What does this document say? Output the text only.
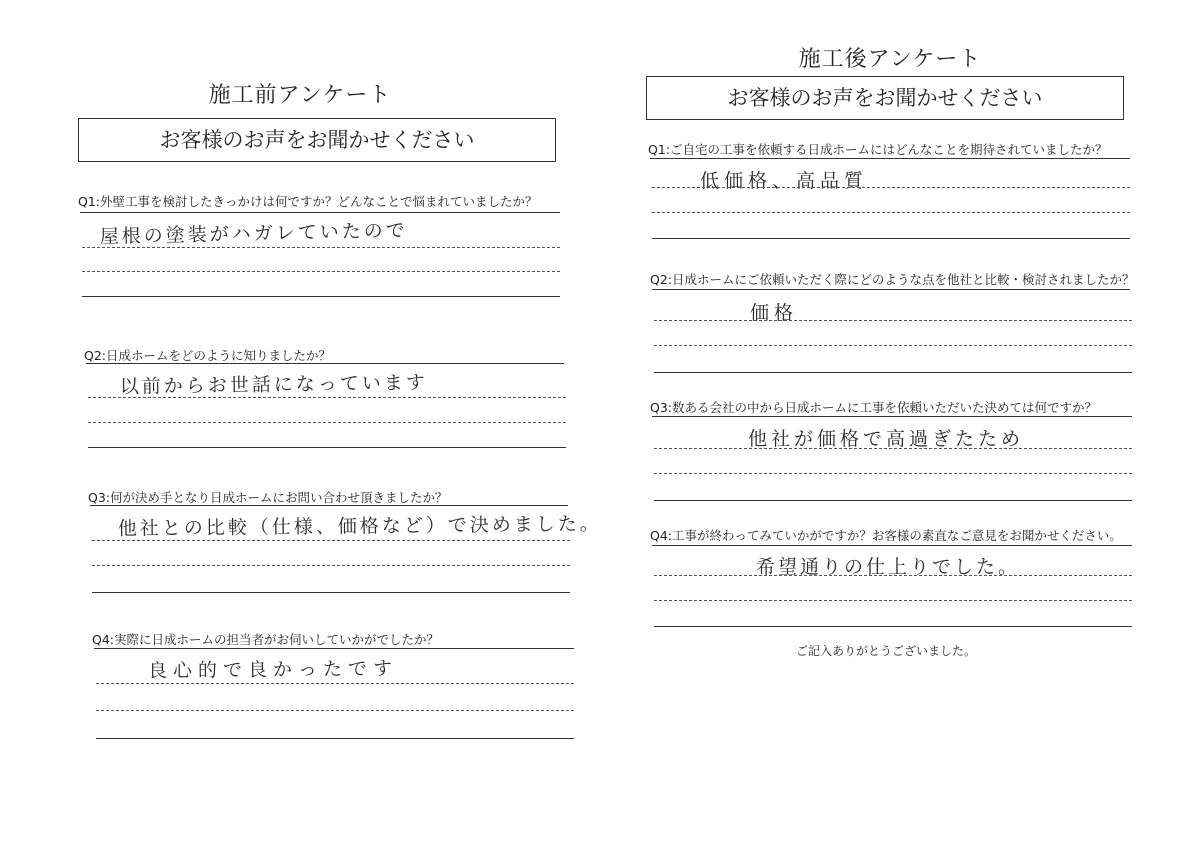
施工前アンケート
お客様のお声をお聞かせください
Q1:外壁工事を検討したきっかけは何ですか？どんなことで悩まれていましたか？
屋根の塗装がハガレていたので
Q2:日成ホームをどのように知りましたか？
以前からお世話になっています
Q3:何が決め手となり日成ホームにお問い合わせ頂きましたか？
他社との比較（仕様、価格など）で決めました。
Q4:実際に日成ホームの担当者がお伺いしていかがでしたか？
良心的で良かったです
施工後アンケート
お客様のお声をお聞かせください
Q1:ご自宅の工事を依頼する日成ホームにはどんなことを期待されていましたか？
低価格、高品質
Q2:日成ホームにご依頼いただく際にどのような点を他社と比較・検討されましたか？
価格
Q3:数ある会社の中から日成ホームに工事を依頼いただいた決めては何ですか？
他社が価格で高過ぎたため
Q4:工事が終わってみていかがですか？お客様の素直なご意見をお聞かせください。
希望通りの仕上りでした。
ご記入ありがとうございました。
